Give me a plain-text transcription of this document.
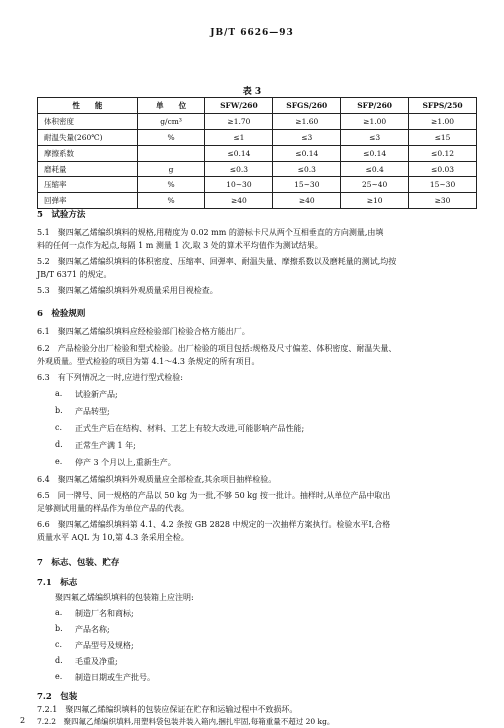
JB/T 6626—93
表 3
性　　能	单　　位	SFW/260	SFGS/260	SFP/260	SFPS/250
体积密度	g/cm³	≥1.70	≥1.60	≥1.00	≥1.00
耐温失量(260℃)	%	≤1	≤3	≤3	≤15
摩擦系数		≤0.14	≤0.14	≤0.14	≤0.12
磨耗量	g	≤0.3	≤0.3	≤0.4	≤0.03
压缩率	%	10~30	15~30	25~40	15~30
回弹率	%	≥40	≥40	≥10	≥30
5　试验方法
5.1　聚四氟乙烯编织填料的规格,用精度为 0.02 mm 的游标卡尺从两个互相垂直的方向测量,由填
料的任何一点作为起点,每隔 1 m 测量 1 次,取 3 处的算术平均值作为测试结果。
5.2　聚四氟乙烯编织填料的体积密度、压缩率、回弹率、耐温失量、摩擦系数以及磨耗量的测试,均按
JB/T 6371 的规定。
5.3　聚四氟乙烯编织填料外观质量采用目视检查。
6　检验规则
6.1　聚四氟乙烯编织填料应经检验部门检验合格方能出厂。
6.2　产品检验分出厂检验和型式检验。出厂检验的项目包括:规格及尺寸偏差、体积密度、耐温失量、
外观质量。型式检验的项目为第 4.1～4.3 条规定的所有项目。
6.3　有下列情况之一时,应进行型式检验:
a. 试验新产品;
b. 产品转型;
c. 正式生产后在结构、材料、工艺上有较大改进,可能影响产品性能;
d. 正常生产满 1 年;
e. 停产 3 个月以上,重新生产。
6.4　聚四氟乙烯编织填料外观质量应全部检查,其余项目抽样检验。
6.5　同一牌号、同一规格的产品以 50 kg 为一批,不够 50 kg 按一批计。抽样时,从单位产品中取出
足够测试用量的样品作为单位产品的代表。
6.6　聚四氟乙烯编织填料第 4.1、4.2 条按 GB 2828 中规定的一次抽样方案执行。检验水平Ⅰ,合格
质量水平 AQL 为 10,第 4.3 条采用全检。
7　标志、包装、贮存
7.1　标志
聚四氟乙烯编织填料的包装箱上应注明:
a. 制造厂名和商标;
b. 产品名称;
c. 产品型号及规格;
d. 毛重及净重;
e. 制造日期或生产批号。
7.2　包装
7.2.1　聚四氟乙烯编织填料的包装应保证在贮存和运输过程中不致损坏。
7.2.2　聚四氟乙烯编织填料,用塑料袋包装并装入箱内,捆扎牢固,每箱重量不超过 20 kg。
2
